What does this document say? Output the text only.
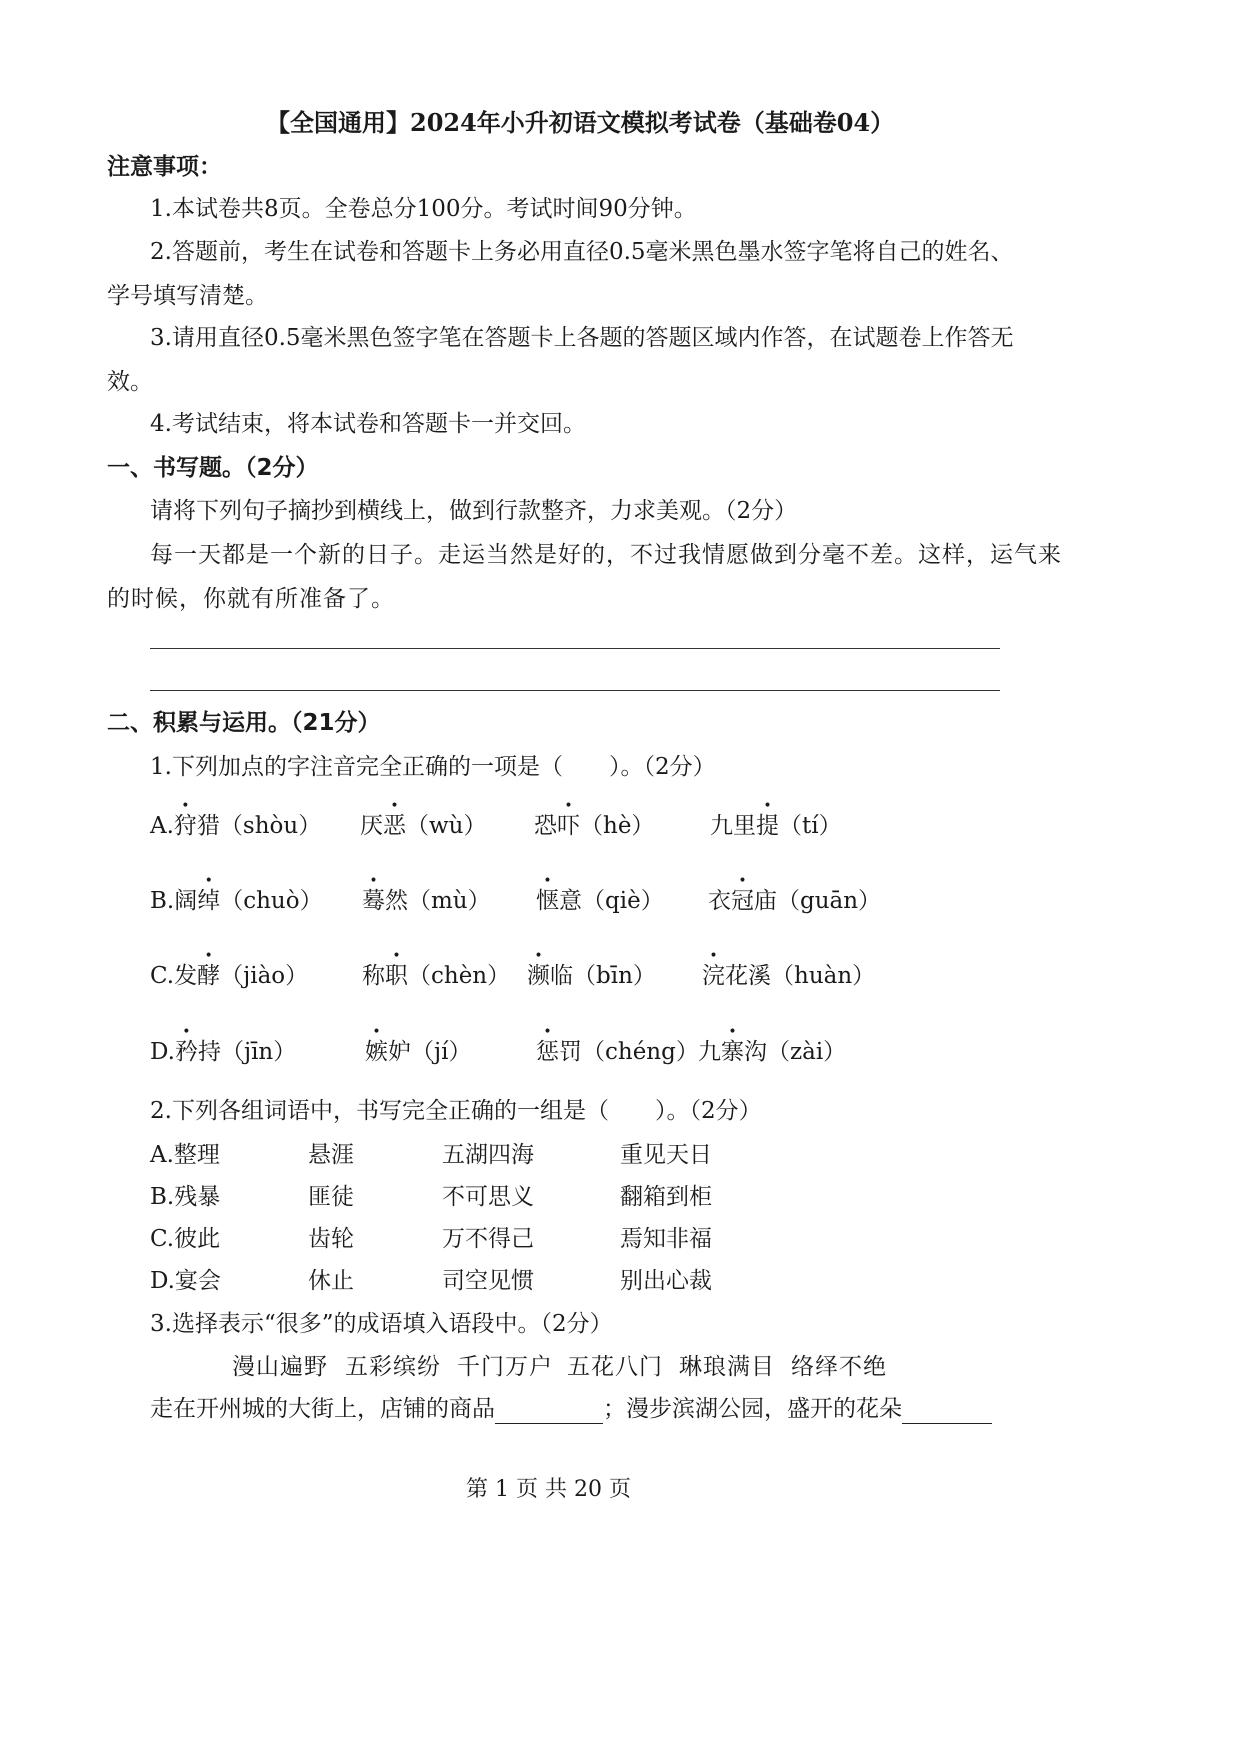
【全国通用】2024年小升初语文模拟考试卷（基础卷04）
注意事项：
1.本试卷共8页。全卷总分100分。考试时间90分钟。
2.答题前，考生在试卷和答题卡上务必用直径0.5毫米黑色墨水签字笔将自己的姓名、
学号填写清楚。
3.请用直径0.5毫米黑色签字笔在答题卡上各题的答题区域内作答，在试题卷上作答无
效。
4.考试结束，将本试卷和答题卡一并交回。
一、书写题。（2分）
请将下列句子摘抄到横线上，做到行款整齐，力求美观。（2分）
每一天都是一个新的日子。走运当然是好的，不过我情愿做到分毫不差。这样，运气来
的时候，你就有所准备了。
二、积累与运用。（21分）
1.下列加点的字注音完全正确的一项是（　　）。（2分）
A.狩猎（shòu） 厌恶（wù） 恐吓（hè） 九里提（tí）
B.阔绰（chuò） 蓦然（mù） 惬意（qiè） 衣冠庙（guān）
C.发酵（jiào） 称职（chèn） 濒临（bīn） 浣花溪（huàn）
D.矜持（jīn）	嫉妒（jí）	惩罚（chéng） 九寨沟（zài）
2.下列各组词语中，书写完全正确的一组是（　　）。（2分）
A.整理	悬涯	五湖四海	重见天日
B.残暴	匪徒	不可思义	翻箱到柜
C.彼此	齿轮	万不得己	焉知非福
D.宴会	休止	司空见惯	别出心裁
3.选择表示“很多”的成语填入语段中。（2分）
漫山遍野 五彩缤纷 千门万户 五花八门 琳琅满目 络绎不绝
走在开州城的大街上，店铺的商品	；漫步滨湖公园，盛开的花朵
第 1 页 共 20 页
